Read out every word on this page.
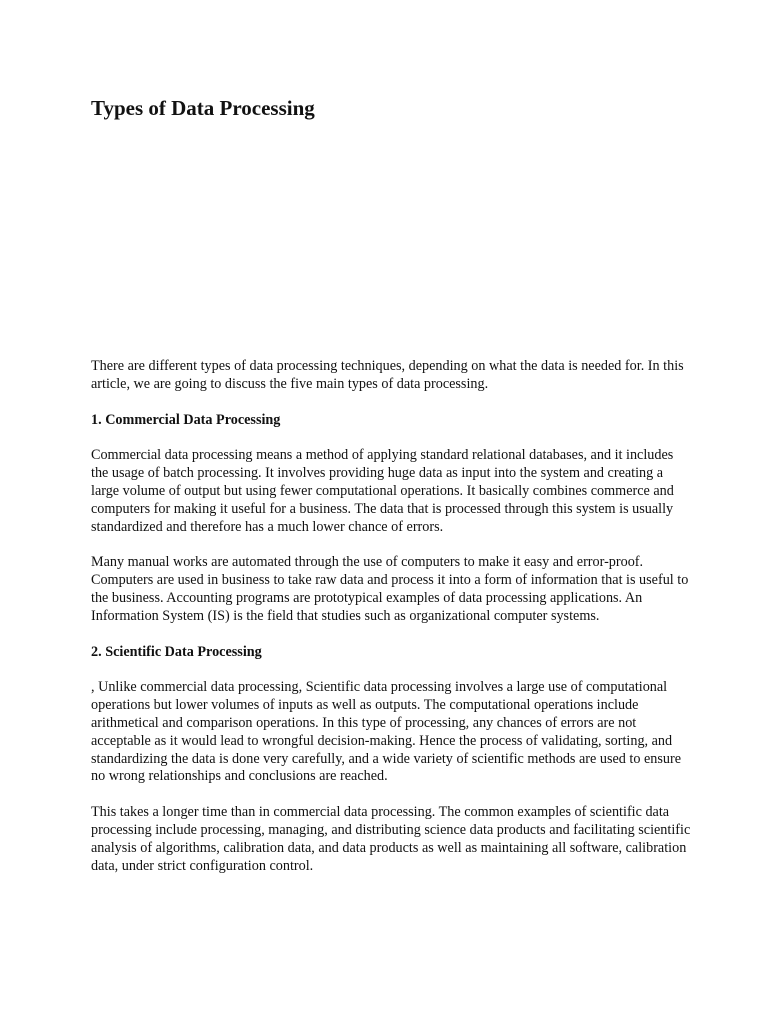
Types of Data Processing

There are different types of data processing techniques, depending on what the data is needed for. In this article, we are going to discuss the five main types of data processing.

1. Commercial Data Processing

Commercial data processing means a method of applying standard relational databases, and it includes the usage of batch processing. It involves providing huge data as input into the system and creating a large volume of output but using fewer computational operations. It basically combines commerce and computers for making it useful for a business. The data that is processed through this system is usually standardized and therefore has a much lower chance of errors.

Many manual works are automated through the use of computers to make it easy and error-proof. Computers are used in business to take raw data and process it into a form of information that is useful to the business. Accounting programs are prototypical examples of data processing applications. An Information System (IS) is the field that studies such as organizational computer systems.

2. Scientific Data Processing

, Unlike commercial data processing, Scientific data processing involves a large use of computational operations but lower volumes of inputs as well as outputs. The computational operations include arithmetical and comparison operations. In this type of processing, any chances of errors are not acceptable as it would lead to wrongful decision-making. Hence the process of validating, sorting, and standardizing the data is done very carefully, and a wide variety of scientific methods are used to ensure no wrong relationships and conclusions are reached.

This takes a longer time than in commercial data processing. The common examples of scientific data processing include processing, managing, and distributing science data products and facilitating scientific analysis of algorithms, calibration data, and data products as well as maintaining all software, calibration data, under strict configuration control.
